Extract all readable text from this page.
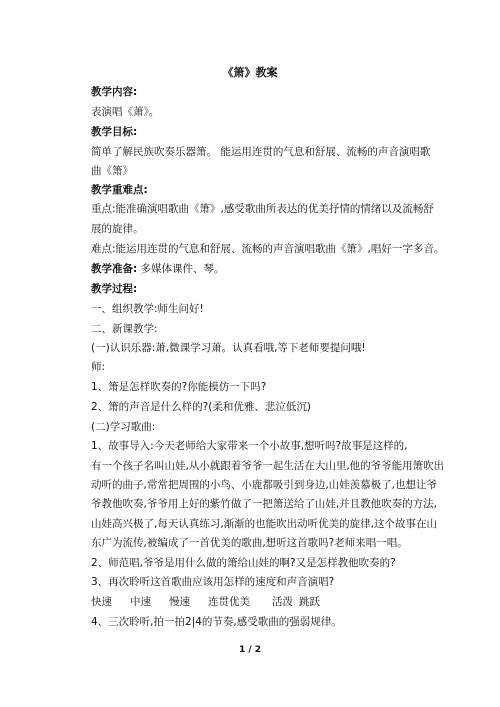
《箫》教案
教学内容:
表演唱《萧》。
教学目标:
简单了解民族吹奏乐器箫。 能运用连贯的气息和舒展、流畅的声音演唱歌
曲《箫》
教学重难点:
重点:能准确演唱歌曲《箫》,感受歌曲所表达的优美抒情的情绪以及流畅舒
展的旋律。
难点:能运用连贯的气息和舒展、流畅的声音演唱歌曲《箫》,唱好一字多音。
教学准备: 多媒体课件、琴。
教学过程:
一、组织教学:师生问好!
二、新课教学:
(一)认识乐器:萧,微课学习萧。认真看哦,等下老师要提问哦!
师:
1、箫是怎样吹奏的?你能模仿一下吗?
2、箫的声音是什么样的?(柔和优雅、悲泣低沉)
(二)学习歌曲:
1、故事导入:今天老师给大家带来一个小故事,想听吗?故事是这样的,
有一个孩子名叫山娃,从小就跟着爷爷一起生活在大山里,他的爷爷能用箫吹出
动听的曲子,常常把周围的小鸟、小鹿都吸引到身边,山娃羡慕极了,也想让爷
爷教他吹奏,爷爷用上好的紫竹做了一把箫送给了山娃,并且教他吹奏的方法,
山娃高兴极了,每天认真练习,渐渐的也能吹出动听优美的旋律,这个故事在山
东广为流传,被编成了一首优美的歌曲,想听这首歌吗?老师来唱一唱。
2、师范唱,爷爷是用什么做的箫给山娃的啊?又是怎样教他吹奏的?
3、再次聆听这首歌曲应该用怎样的速度和声音演唱?
快速 中速 慢速 连贯优美 活泼 跳跃
4、三次聆听,拍一拍2|4的节奏,感受歌曲的强弱规律。
1 / 2
